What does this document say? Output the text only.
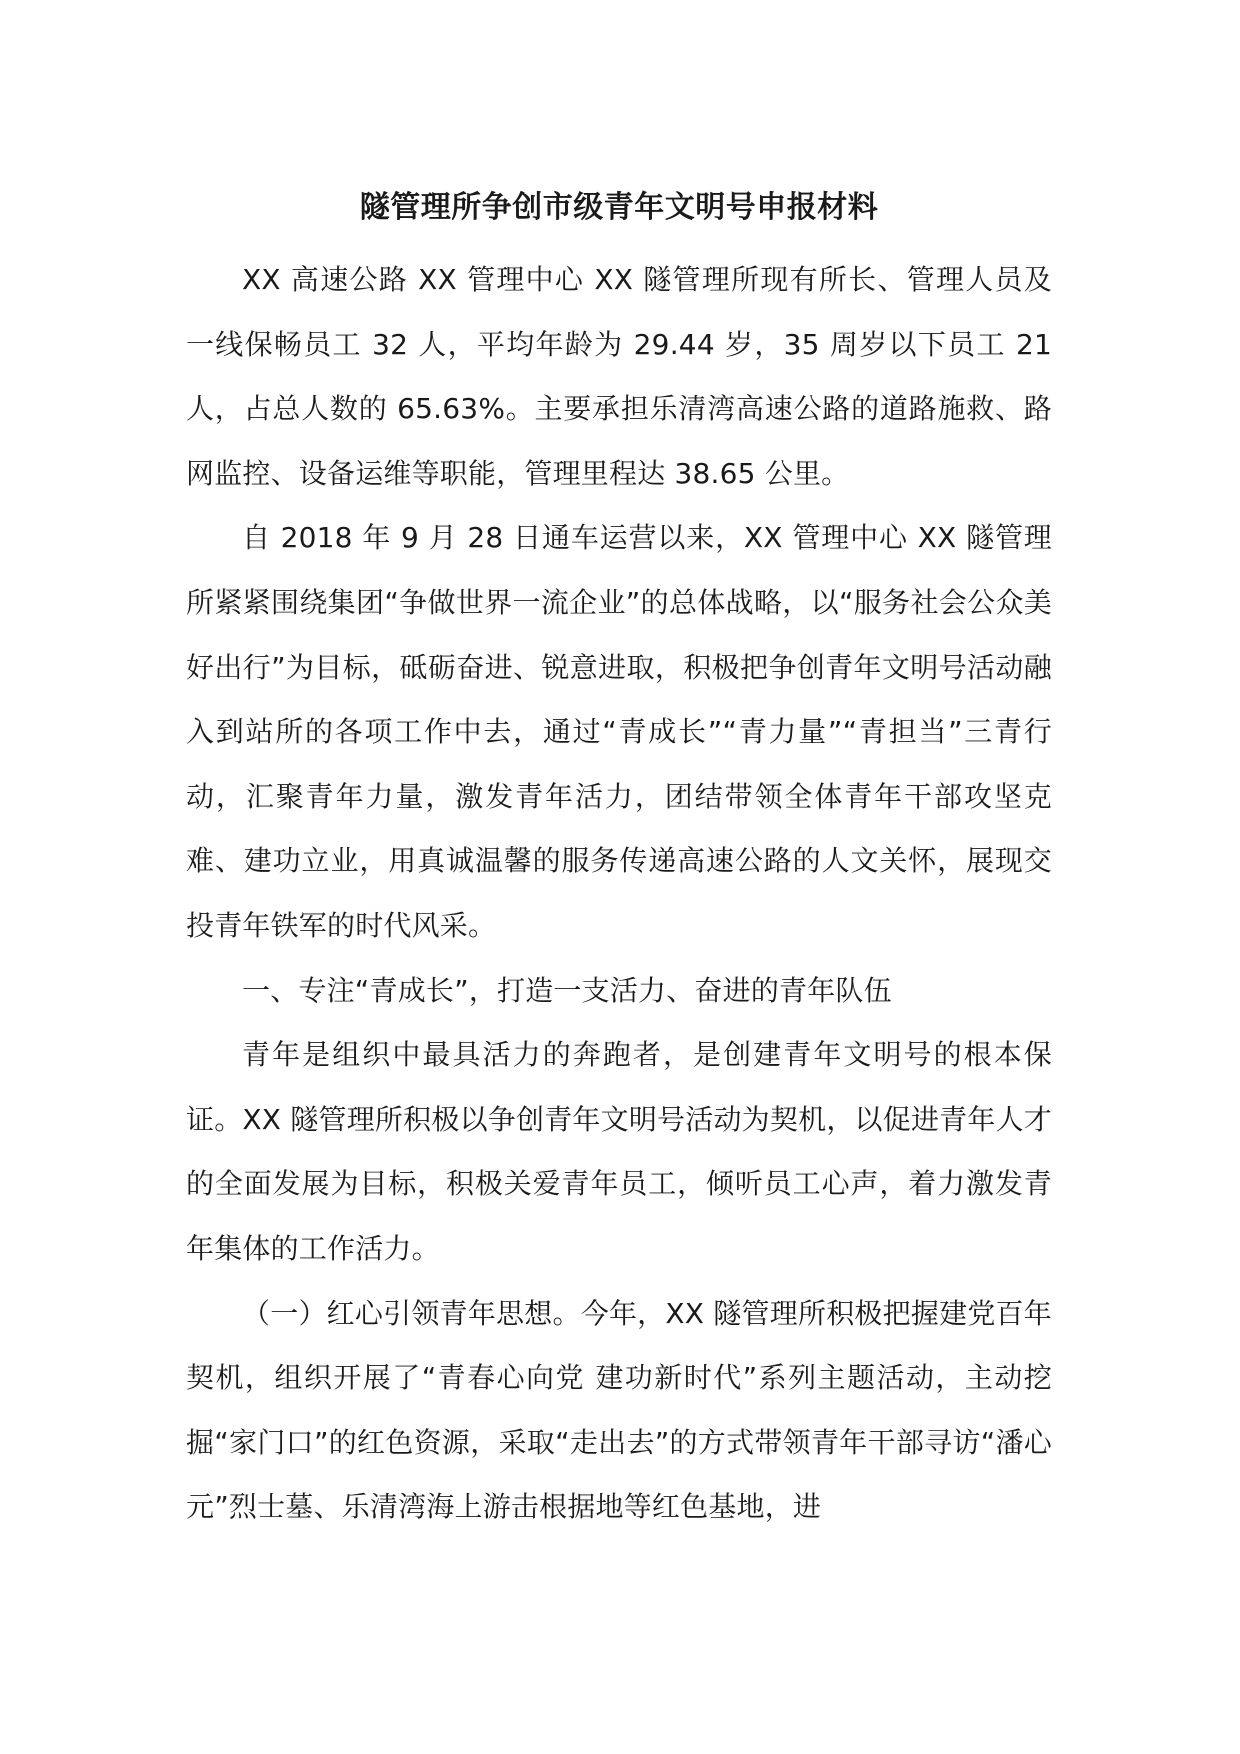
隧管理所争创市级青年文明号申报材料

XX 高速公路 XX 管理中心 XX 隧管理所现有所长、管理人员及一线保畅员工 32 人，平均年龄为 29.44 岁，35 周岁以下员工 21 人，占总人数的 65.63%。主要承担乐清湾高速公路的道路施救、路网监控、设备运维等职能，管理里程达 38.65 公里。

自 2018 年 9 月 28 日通车运营以来，XX 管理中心 XX 隧管理所紧紧围绕集团“争做世界一流企业”的总体战略，以“服务社会公众美好出行”为目标，砥砺奋进、锐意进取，积极把争创青年文明号活动融入到站所的各项工作中去，通过“青成长”“青力量”“青担当”三青行动，汇聚青年力量，激发青年活力，团结带领全体青年干部攻坚克难、建功立业，用真诚温馨的服务传递高速公路的人文关怀，展现交投青年铁军的时代风采。

一、专注“青成长”，打造一支活力、奋进的青年队伍

青年是组织中最具活力的奔跑者，是创建青年文明号的根本保证。XX 隧管理所积极以争创青年文明号活动为契机，以促进青年人才的全面发展为目标，积极关爱青年员工，倾听员工心声，着力激发青年集体的工作活力。

（一）红心引领青年思想。今年，XX 隧管理所积极把握建党百年契机，组织开展了“青春心向党 建功新时代”系列主题活动，主动挖掘“家门口”的红色资源，采取“走出去”的方式带领青年干部寻访“潘心元”烈士墓、乐清湾海上游击根据地等红色基地，进
